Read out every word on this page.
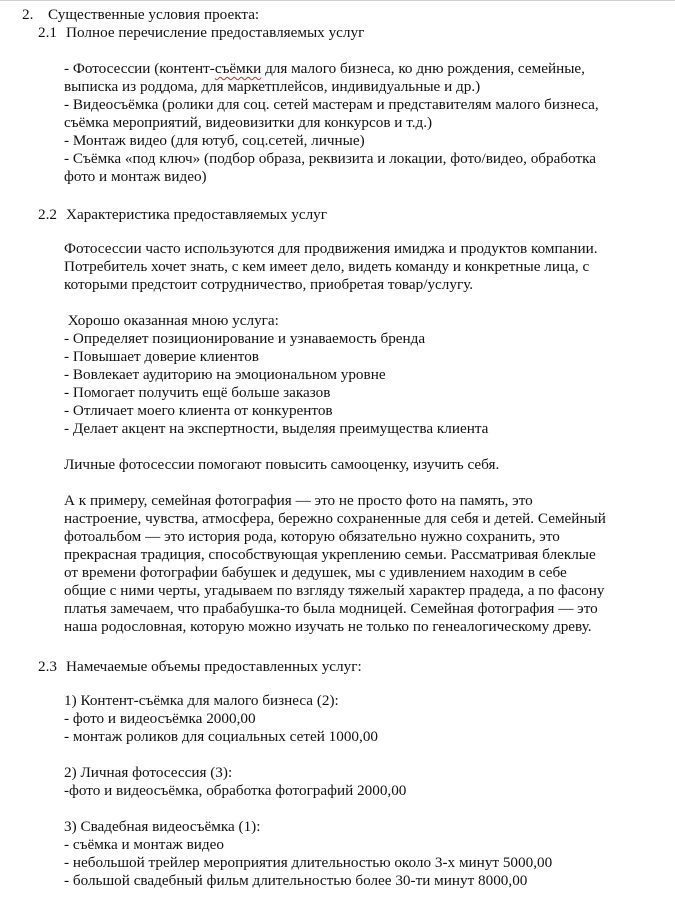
2. Существенные условия проекта:
2.1 Полное перечисление предоставляемых услуг
- Фотосессии (контент-съёмки для малого бизнеса, ко дню рождения, семейные,
выписка из роддома, для маркетплейсов, индивидуальные и др.)
- Видеосъёмка (ролики для соц. сетей мастерам и представителям малого бизнеса,
съёмка мероприятий, видеовизитки для конкурсов и т.д.)
- Монтаж видео (для ютуб, соц.сетей, личные)
- Съёмка «под ключ» (подбор образа, реквизита и локации, фото/видео, обработка
фото и монтаж видео)
2.2 Характеристика предоставляемых услуг
Фотосессии часто используются для продвижения имиджа и продуктов компании.
Потребитель хочет знать, с кем имеет дело, видеть команду и конкретные лица, с
которыми предстоит сотрудничество, приобретая товар/услугу.
Хорошо оказанная мною услуга:
- Определяет позиционирование и узнаваемость бренда
- Повышает доверие клиентов
- Вовлекает аудиторию на эмоциональном уровне
- Помогает получить ещё больше заказов
- Отличает моего клиента от конкурентов
- Делает акцент на экспертности, выделяя преимущества клиента
Личные фотосессии помогают повысить самооценку, изучить себя.
А к примеру, семейная фотография — это не просто фото на память, это
настроение, чувства, атмосфера, бережно сохраненные для себя и детей. Семейный
фотоальбом — это история рода, которую обязательно нужно сохранить, это
прекрасная традиция, способствующая укреплению семьи. Рассматривая блеклые
от времени фотографии бабушек и дедушек, мы с удивлением находим в себе
общие с ними черты, угадываем по взгляду тяжелый характер прадеда, а по фасону
платья замечаем, что прабабушка-то была модницей. Семейная фотография — это
наша родословная, которую можно изучать не только по генеалогическому древу.
2.3 Намечаемые объемы предоставленных услуг:
1) Контент-съёмка для малого бизнеса (2):
- фото и видеосъёмка 2000,00
- монтаж роликов для социальных сетей 1000,00
2) Личная фотосессия (3):
-фото и видеосъёмка, обработка фотографий 2000,00
3) Свадебная видеосъёмка (1):
- съёмка и монтаж видео
- небольшой трейлер мероприятия длительностью около 3-х минут 5000,00
- большой свадебный фильм длительностью более 30-ти минут 8000,00
